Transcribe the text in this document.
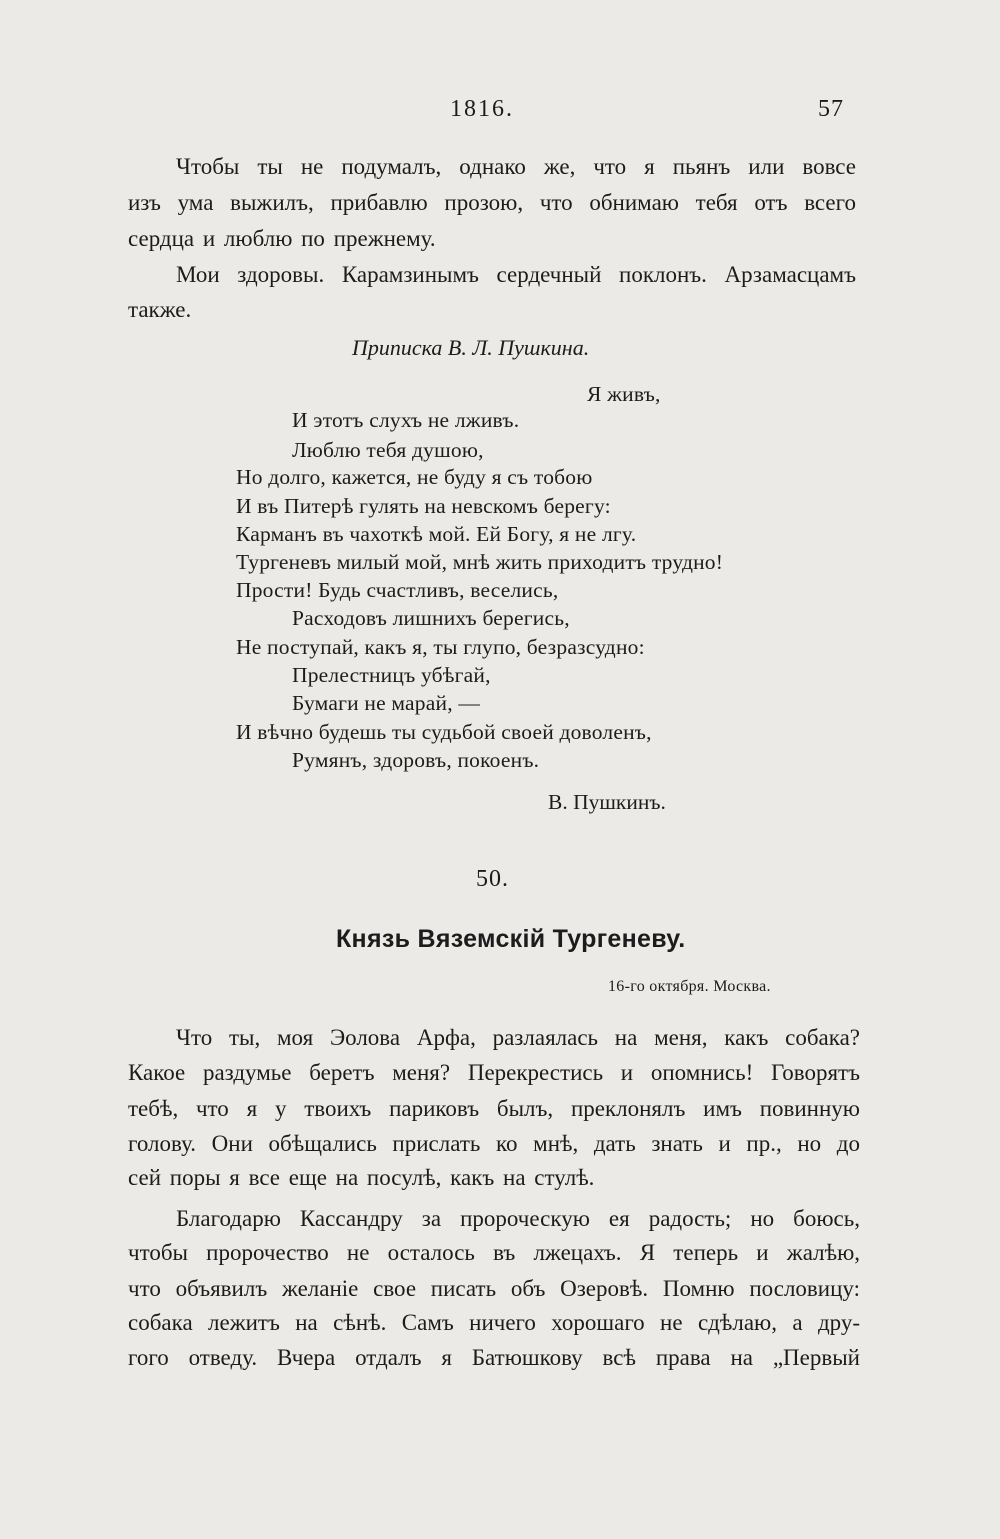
1816.	57
Чтобы ты не подумалъ, однако же, что я пьянъ или вовсе
изъ ума выжилъ, прибавлю прозою, что обнимаю тебя отъ всего
сердца и люблю по прежнему.
Мои здоровы. Карамзинымъ сердечный поклонъ. Арзамасцамъ
также.
Приписка В. Л. Пушкина.
Я живъ,
И этотъ слухъ не лживъ.
Люблю тебя душою,
Но долго, кажется, не буду я съ тобою
И въ Питерѣ гулять на невскомъ берегу:
Карманъ въ чахоткѣ мой. Ей Богу, я не лгу.
Тургеневъ милый мой, мнѣ жить приходитъ трудно!
Прости! Будь счастливъ, веселись,
Расходовъ лишнихъ берегись,
Не поступай, какъ я, ты глупо, безразсудно:
Прелестницъ убѣгай,
Бумаги не марай, —
И вѣчно будешь ты судьбой своей доволенъ,
Румянъ, здоровъ, покоенъ.
В. Пушкинъ.
50.
Князь Вяземскій Тургеневу.
16-го октября. Москва.
Что ты, моя Эолова Арфа, разлаялась на меня, какъ собака?
Какое раздумье беретъ меня? Перекрестись и опомнись! Говорятъ
тебѣ, что я у твоихъ париковъ былъ, преклонялъ имъ повинную
голову. Они обѣщались прислать ко мнѣ, дать знать и пр., но до
сей поры я все еще на посулѣ, какъ на стулѣ.
Благодарю Кассандру за пророческую ея радость; но боюсь,
чтобы пророчество не осталось въ лжецахъ. Я теперь и жалѣю,
что объявилъ желаніе свое писать объ Озеровѣ. Помню пословицу:
собака лежитъ на сѣнѣ. Самъ ничего хорошаго не сдѣлаю, а дру-
гого отведу. Вчера отдалъ я Батюшкову всѣ права на „Первый
